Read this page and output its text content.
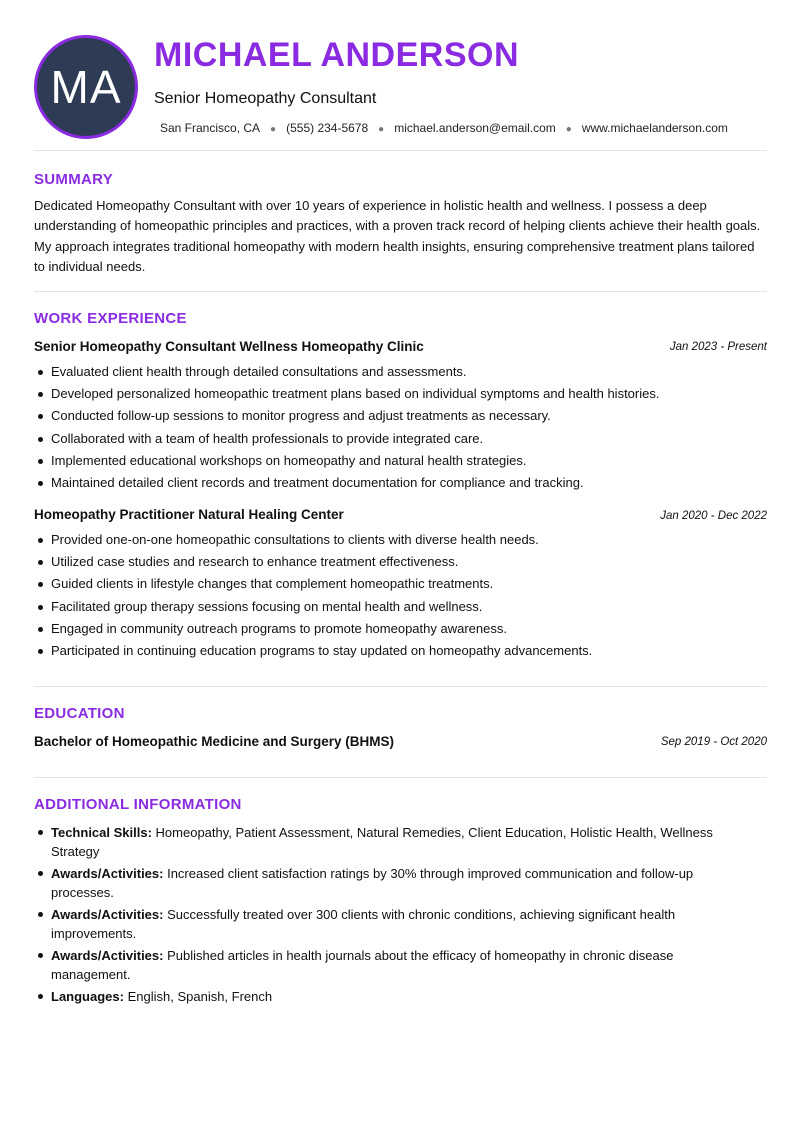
MA
MICHAEL ANDERSON
Senior Homeopathy Consultant
San Francisco, CA ● (555) 234-5678 ● michael.anderson@email.com ● www.michaelanderson.com
SUMMARY
Dedicated Homeopathy Consultant with over 10 years of experience in holistic health and wellness. I possess a deep understanding of homeopathic principles and practices, with a proven track record of helping clients achieve their health goals. My approach integrates traditional homeopathy with modern health insights, ensuring comprehensive treatment plans tailored to individual needs.
WORK EXPERIENCE
Senior Homeopathy Consultant Wellness Homeopathy Clinic	Jan 2023 - Present
Evaluated client health through detailed consultations and assessments.
Developed personalized homeopathic treatment plans based on individual symptoms and health histories.
Conducted follow-up sessions to monitor progress and adjust treatments as necessary.
Collaborated with a team of health professionals to provide integrated care.
Implemented educational workshops on homeopathy and natural health strategies.
Maintained detailed client records and treatment documentation for compliance and tracking.
Homeopathy Practitioner Natural Healing Center	Jan 2020 - Dec 2022
Provided one-on-one homeopathic consultations to clients with diverse health needs.
Utilized case studies and research to enhance treatment effectiveness.
Guided clients in lifestyle changes that complement homeopathic treatments.
Facilitated group therapy sessions focusing on mental health and wellness.
Engaged in community outreach programs to promote homeopathy awareness.
Participated in continuing education programs to stay updated on homeopathy advancements.
EDUCATION
Bachelor of Homeopathic Medicine and Surgery (BHMS)	Sep 2019 - Oct 2020
ADDITIONAL INFORMATION
Technical Skills: Homeopathy, Patient Assessment, Natural Remedies, Client Education, Holistic Health, Wellness Strategy
Awards/Activities: Increased client satisfaction ratings by 30% through improved communication and follow-up processes.
Awards/Activities: Successfully treated over 300 clients with chronic conditions, achieving significant health improvements.
Awards/Activities: Published articles in health journals about the efficacy of homeopathy in chronic disease management.
Languages: English, Spanish, French
